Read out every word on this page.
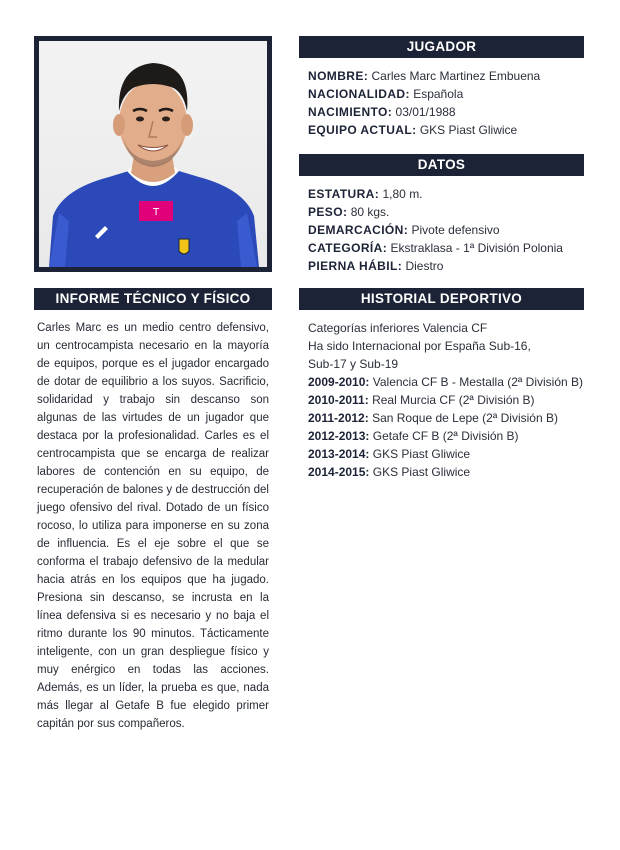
T
JUGADOR
NOMBRE: Carles Marc Martinez Embuena
NACIONALIDAD: Española
NACIMIENTO: 03/01/1988
EQUIPO ACTUAL: GKS Piast Gliwice
DATOS
ESTATURA: 1,80 m.
PESO: 80 kgs.
DEMARCACIÓN: Pivote defensivo
CATEGORÍA: Ekstraklasa - 1ª División Polonia
PIERNA HÁBIL: Diestro
INFORME TÉCNICO Y FÍSICO
Carles Marc es un medio centro defensivo, un centrocampista necesario en la mayoría de equipos, porque es el jugador encargado de dotar de equilibrio a los suyos. Sacrificio, solidaridad y trabajo sin descanso son algunas de las virtudes de un jugador que destaca por la profesionalidad. Carles es el centrocampista que se encarga de realizar labores de contención en su equipo, de recuperación de balones y de destrucción del juego ofensivo del rival. Dotado de un físico rocoso, lo utiliza para imponerse en su zona de influencia. Es el eje sobre el que se conforma el trabajo defensivo de la medular hacia atrás en los equipos que ha jugado. Presiona sin descanso, se incrusta en la línea defensiva si es necesario y no baja el ritmo durante los 90 minutos. Tácticamente inteligente, con un gran despliegue físico y muy enérgico en todas las acciones. Además, es un líder, la prueba es que, nada más llegar al Getafe B fue elegido primer capitán por sus compañeros.
HISTORIAL DEPORTIVO
Categorías inferiores Valencia CF
Ha sido Internacional por España Sub-16,
Sub-17 y Sub-19
2009-2010: Valencia CF B - Mestalla (2ª División B)
2010-2011: Real Murcia CF (2ª División B)
2011-2012: San Roque de Lepe (2ª División B)
2012-2013: Getafe CF B (2ª División B)
2013-2014: GKS Piast Gliwice
2014-2015: GKS Piast Gliwice
